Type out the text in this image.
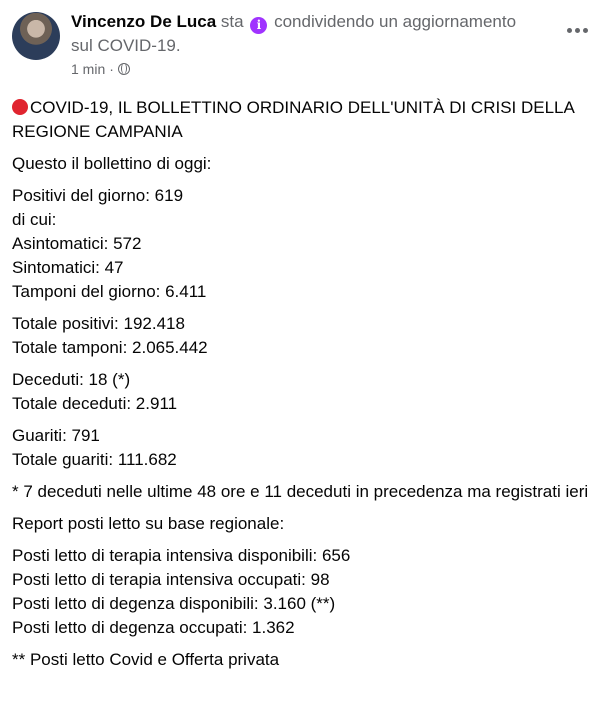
Vincenzo De Luca sta i condividendo un aggiornamento sul COVID-19.
1 min ·

COVID-19, IL BOLLETTINO ORDINARIO DELL'UNITÀ DI CRISI DELLA REGIONE CAMPANIA

Questo il bollettino di oggi:

Positivi del giorno: 619
di cui:
Asintomatici: 572
Sintomatici: 47
Tamponi del giorno: 6.411
Totale positivi: 192.418
Totale tamponi: 2.065.442
Deceduti: 18 (*)
Totale deceduti: 2.911
Guariti: 791
Totale guariti: 111.682

* 7 deceduti nelle ultime 48 ore e 11 deceduti in precedenza ma registrati ieri

Report posti letto su base regionale:

Posti letto di terapia intensiva disponibili: 656
Posti letto di terapia intensiva occupati: 98
Posti letto di degenza disponibili: 3.160 (**)
Posti letto di degenza occupati: 1.362

** Posti letto Covid e Offerta privata
